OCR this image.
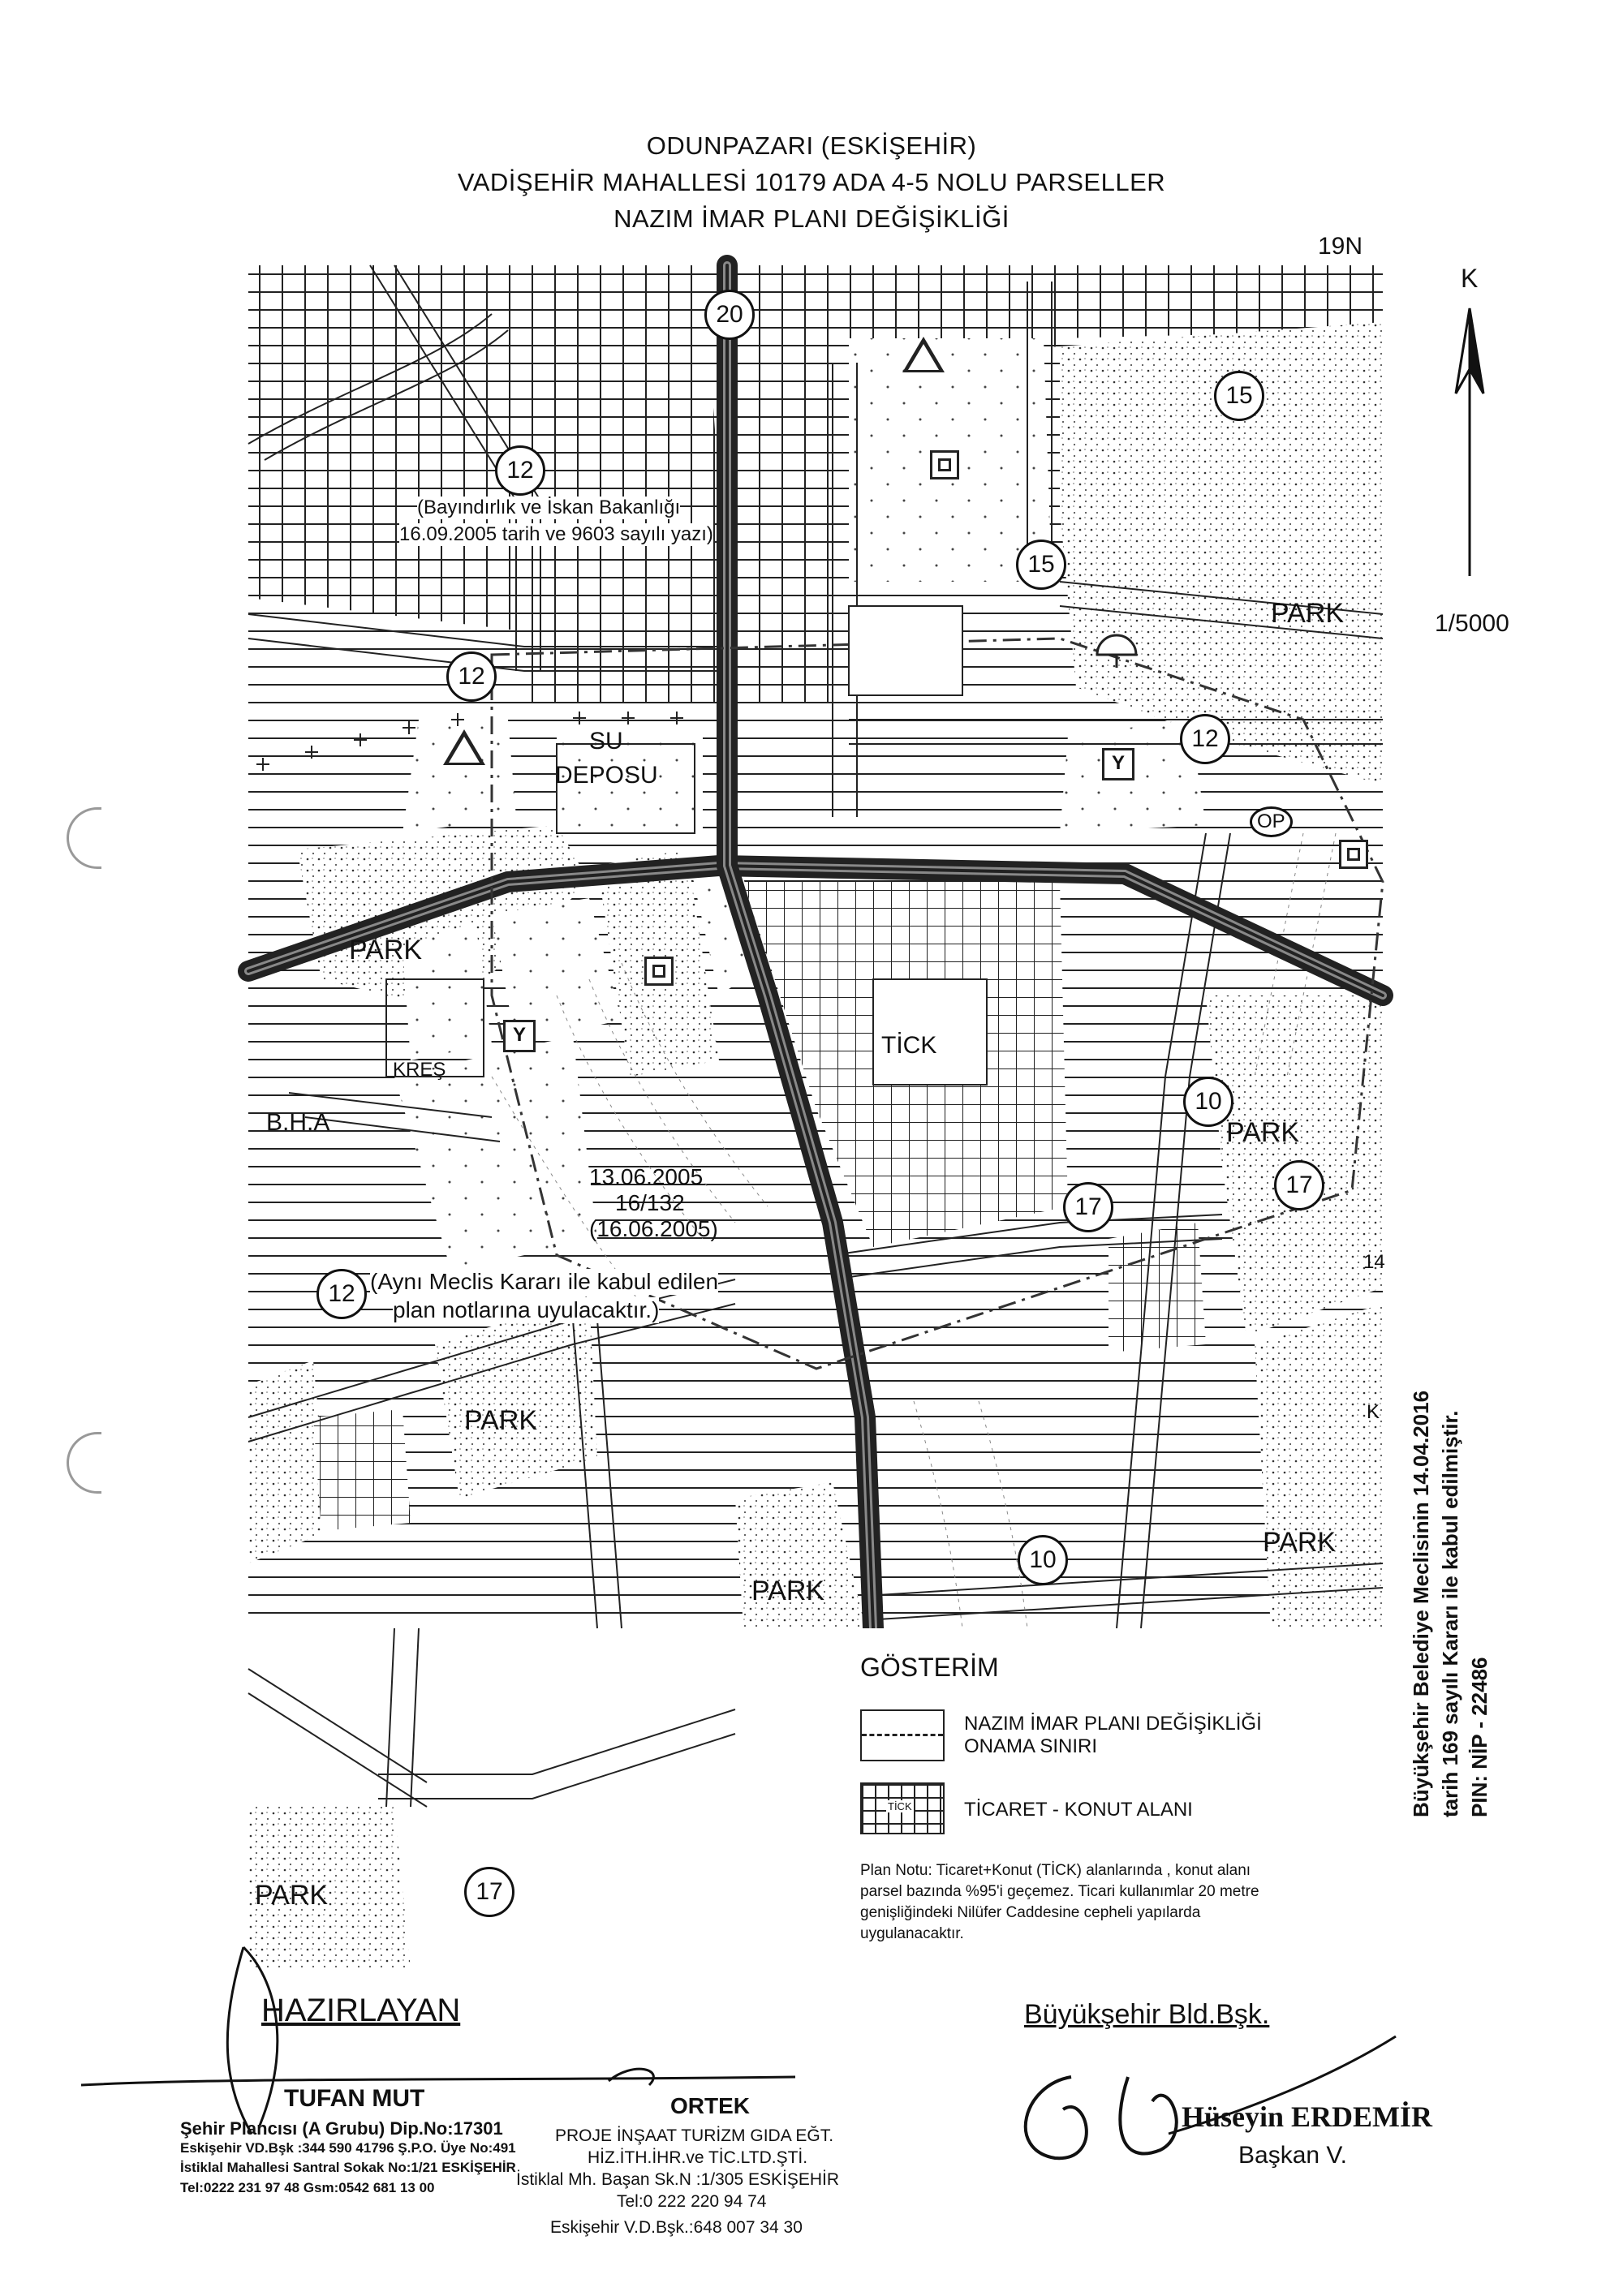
ODUNPAZARI (ESKİŞEHİR)
VADİŞEHİR MAHALLESİ 10179 ADA 4-5 NOLU PARSELLER
NAZIM İMAR PLANI DEĞİŞİKLİĞİ
19N
K
1/5000
PARK
PARK
PARK
PARK
PARK
PARK
PARK
SU
DEPOSU
KREŞ
B.H.A
TİCK
OP
K
14
(Bayındırlık ve İskan Bakanlığı
16.09.2005 tarih ve 9603 sayılı yazı)
13.06.2005
16/132
(16.06.2005)
(Aynı Meclis Kararı ile kabul edilen
plan notlarına uyulacaktır.)
20
15
15
12
12
12
12
10
10
17
17
17
Y
Y
GÖSTERİM
NAZIM İMAR PLANI DEĞİŞİKLİĞİ
ONAMA SINIRI
TİCK	TİCARET - KONUT ALANI
Plan Notu: Ticaret+Konut (TİCK) alanlarında , konut alanı
parsel bazında %95'i geçemez. Ticari kullanımlar 20 metre
genişliğindeki Nilüfer Caddesine cepheli yapılarda
uygulanacaktır.
Büyükşehir Belediye Meclisinin 14.04.2016 tarih 169 sayılı Kararı ile kabul edilmiştir. PIN: NİP - 22486
HAZIRLAYAN
TUFAN MUT
Şehir Plancısı (A Grubu) Dip.No:17301
Eskişehir VD.Bşk :344 590 41796 Ş.P.O. Üye No:491
İstiklal Mahallesi Santral Sokak No:1/21 ESKİŞEHİR
Tel:0222 231 97 48 Gsm:0542 681 13 00
ORTEK
PROJE İNŞAAT TURİZM GIDA EĞT.
HİZ.İTH.İHR.ve TİC.LTD.ŞTİ.
İstiklal Mh. Başan Sk.N :1/305 ESKİŞEHİR
Tel:0 222 220 94 74
Eskişehir V.D.Bşk.:648 007 34 30
Büyükşehir Bld.Bşk.
Hüseyin ERDEMİR
Başkan V.
